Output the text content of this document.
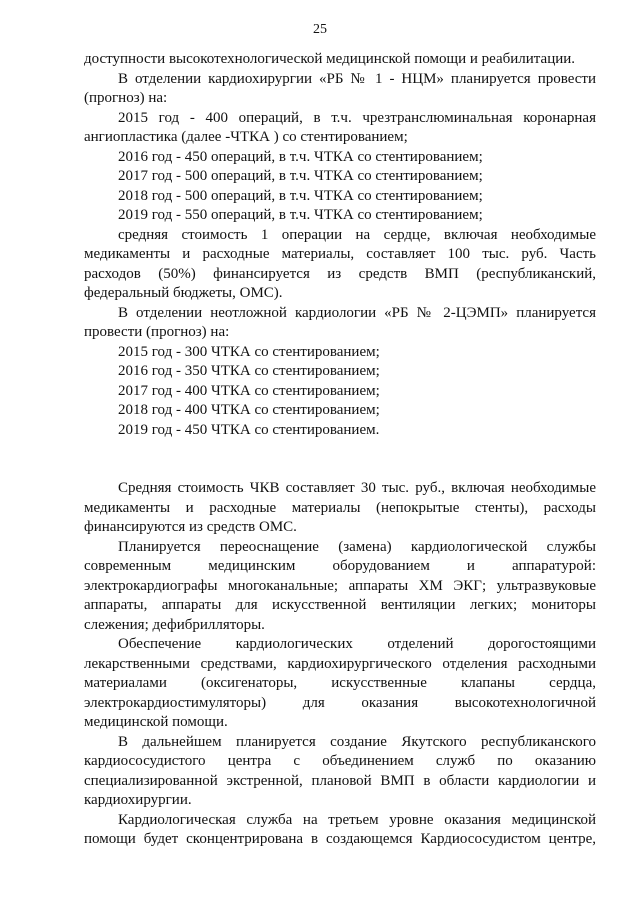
25
доступности высокотехнологической медицинской помощи и реабилитации.
В отделении кардиохирургии «РБ № 1 - НЦМ» планируется провести
(прогноз) на:
2015 год - 400 операций, в т.ч. чрезтранслюминальная коронарная
ангиопластика (далее -ЧТКА ) со стентированием;
2016 год - 450 операций, в т.ч. ЧТКА со стентированием;
2017 год - 500 операций, в т.ч. ЧТКА со стентированием;
2018 год - 500 операций, в т.ч. ЧТКА со стентированием;
2019 год - 550 операций, в т.ч. ЧТКА со стентированием;
средняя стоимость 1 операции на сердце, включая необходимые
медикаменты и расходные материалы, составляет 100 тыс. руб. Часть
расходов (50%) финансируется из средств ВМП (республиканский,
федеральный бюджеты, ОМС).
В отделении неотложной кардиологии «РБ № 2-ЦЭМП» планируется
провести (прогноз) на:
2015 год - 300 ЧТКА со стентированием;
2016 год - 350 ЧТКА со стентированием;
2017 год - 400 ЧТКА со стентированием;
2018 год - 400 ЧТКА со стентированием;
2019 год - 450 ЧТКА со стентированием.
Средняя стоимость ЧКВ составляет 30 тыс. руб., включая необходимые
медикаменты и расходные материалы (непокрытые стенты), расходы
финансируются из средств ОМС.
Планируется переоснащение (замена) кардиологической службы
современным медицинским оборудованием и аппаратурой:
электрокардиографы многоканальные; аппараты ХМ ЭКГ; ультразвуковые
аппараты, аппараты для искусственной вентиляции легких; мониторы
слежения; дефибрилляторы.
Обеспечение кардиологических отделений дорогостоящими
лекарственными средствами, кардиохирургического отделения расходными
материалами (оксигенаторы, искусственные клапаны сердца,
электрокардиостимуляторы) для оказания высокотехнологичной
медицинской помощи.
В дальнейшем планируется создание Якутского республиканского
кардиососудистого центра с объединением служб по оказанию
специализированной экстренной, плановой ВМП в области кардиологии и
кардиохирургии.
Кардиологическая служба на третьем уровне оказания медицинской
помощи будет сконцентрирована в создающемся Кардиососудистом центре,
